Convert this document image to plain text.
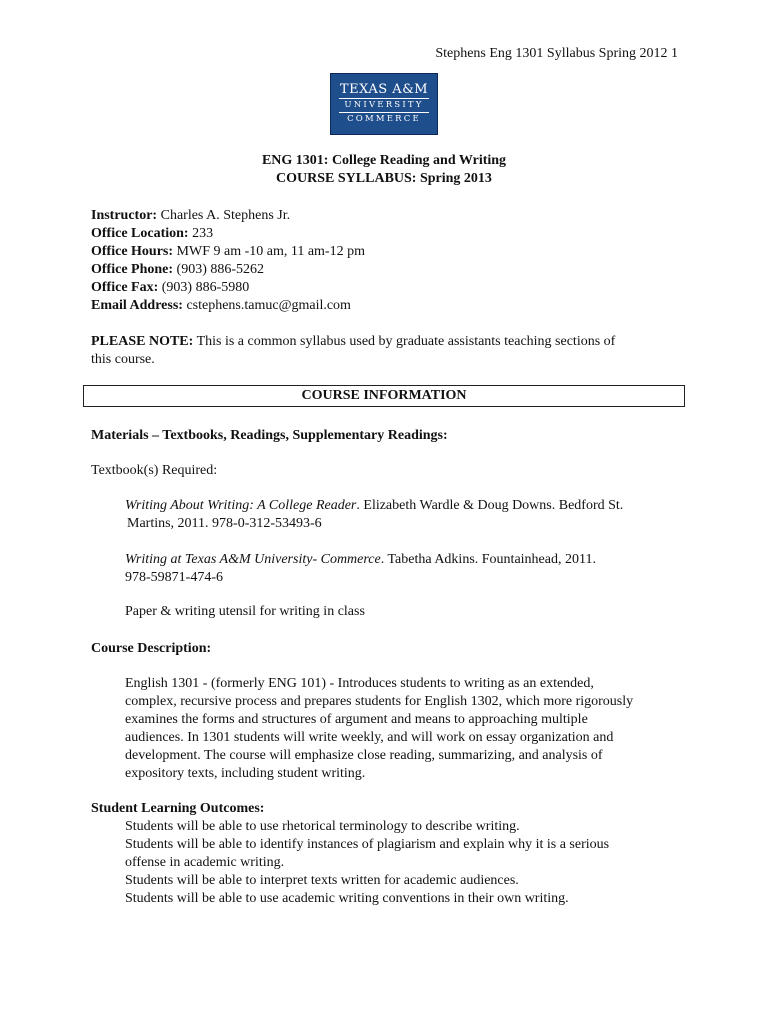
Stephens Eng 1301 Syllabus Spring 2012 1
TEXAS A&M
UNIVERSITY
COMMERCE
ENG 1301: College Reading and Writing
COURSE SYLLABUS: Spring 2013
Instructor: Charles A. Stephens Jr.
Office Location: 233
Office Hours: MWF 9 am -10 am, 11 am-12 pm
Office Phone: (903) 886-5262
Office Fax: (903) 886-5980
Email Address: cstephens.tamuc@gmail.com
PLEASE NOTE: This is a common syllabus used by graduate assistants teaching sections of
this course.
COURSE INFORMATION
Materials – Textbooks, Readings, Supplementary Readings:
Textbook(s) Required:
Writing About Writing: A College Reader. Elizabeth Wardle & Doug Downs. Bedford St.
Martins, 2011. 978-0-312-53493-6
Writing at Texas A&M University- Commerce. Tabetha Adkins. Fountainhead, 2011.
978-59871-474-6
Paper & writing utensil for writing in class
Course Description:
English 1301 - (formerly ENG 101) - Introduces students to writing as an extended,
complex, recursive process and prepares students for English 1302, which more rigorously
examines the forms and structures of argument and means to approaching multiple
audiences. In 1301 students will write weekly, and will work on essay organization and
development. The course will emphasize close reading, summarizing, and analysis of
expository texts, including student writing.
Student Learning Outcomes:
Students will be able to use rhetorical terminology to describe writing.
Students will be able to identify instances of plagiarism and explain why it is a serious
offense in academic writing.
Students will be able to interpret texts written for academic audiences.
Students will be able to use academic writing conventions in their own writing.
